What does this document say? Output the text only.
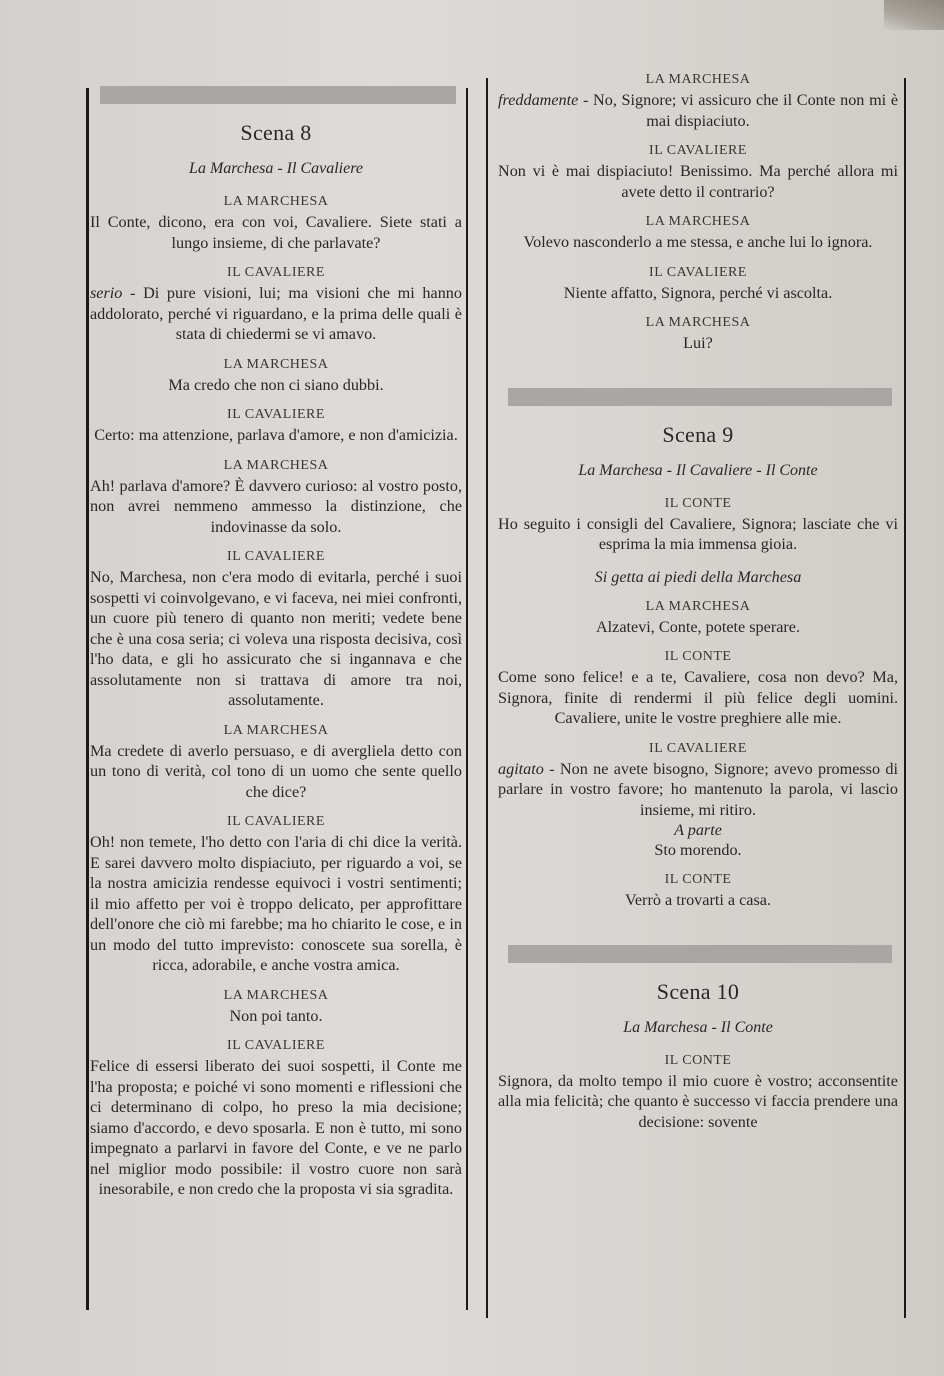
Scena 8
La Marchesa - Il Cavaliere
LA MARCHESA
Il Conte, dicono, era con voi, Cavaliere. Siete stati a lungo insieme, di che parlavate?
IL CAVALIERE
serio - Di pure visioni, lui; ma visioni che mi hanno addolorato, perché vi riguardano, e la prima delle quali è stata di chiedermi se vi amavo.
LA MARCHESA
Ma credo che non ci siano dubbi.
IL CAVALIERE
Certo: ma attenzione, parlava d'amore, e non d'amicizia.
LA MARCHESA
Ah! parlava d'amore? È davvero curioso: al vostro posto, non avrei nemmeno ammesso la distinzione, che indovinasse da solo.
IL CAVALIERE
No, Marchesa, non c'era modo di evitarla, perché i suoi sospetti vi coinvolgevano, e vi faceva, nei miei confronti, un cuore più tenero di quanto non meriti; vedete bene che è una cosa seria; ci voleva una risposta decisiva, così l'ho data, e gli ho assicurato che si ingannava e che assolutamente non si trattava di amore tra noi, assolutamente.
LA MARCHESA
Ma credete di averlo persuaso, e di avergliela detto con un tono di verità, col tono di un uomo che sente quello che dice?
IL CAVALIERE
Oh! non temete, l'ho detto con l'aria di chi dice la verità. E sarei davvero molto dispiaciuto, per riguardo a voi, se la nostra amicizia rendesse equivoci i vostri sentimenti; il mio affetto per voi è troppo delicato, per approfittare dell'onore che ciò mi farebbe; ma ho chiarito le cose, e in un modo del tutto imprevisto: conoscete sua sorella, è ricca, adorabile, e anche vostra amica.
LA MARCHESA
Non poi tanto.
IL CAVALIERE
Felice di essersi liberato dei suoi sospetti, il Conte me l'ha proposta; e poiché vi sono momenti e riflessioni che ci determinano di colpo, ho preso la mia decisione; siamo d'accordo, e devo sposarla. E non è tutto, mi sono impegnato a parlarvi in favore del Conte, e ve ne parlo nel miglior modo possibile: il vostro cuore non sarà inesorabile, e non credo che la proposta vi sia sgradita.
LA MARCHESA
freddamente - No, Signore; vi assicuro che il Conte non mi è mai dispiaciuto.
IL CAVALIERE
Non vi è mai dispiaciuto! Benissimo. Ma perché allora mi avete detto il contrario?
LA MARCHESA
Volevo nasconderlo a me stessa, e anche lui lo ignora.
IL CAVALIERE
Niente affatto, Signora, perché vi ascolta.
LA MARCHESA
Lui?
Scena 9
La Marchesa - Il Cavaliere - Il Conte
IL CONTE
Ho seguito i consigli del Cavaliere, Signora; lasciate che vi esprima la mia immensa gioia.
Si getta ai piedi della Marchesa
LA MARCHESA
Alzatevi, Conte, potete sperare.
IL CONTE
Come sono felice! e a te, Cavaliere, cosa non devo? Ma, Signora, finite di rendermi il più felice degli uomini. Cavaliere, unite le vostre preghiere alle mie.
IL CAVALIERE
agitato - Non ne avete bisogno, Signore; avevo promesso di parlare in vostro favore; ho mantenuto la parola, vi lascio insieme, mi ritiro.
A parte
Sto morendo.
IL CONTE
Verrò a trovarti a casa.
Scena 10
La Marchesa - Il Conte
IL CONTE
Signora, da molto tempo il mio cuore è vostro; acconsentite alla mia felicità; che quanto è successo vi faccia prendere una decisione: sovente
